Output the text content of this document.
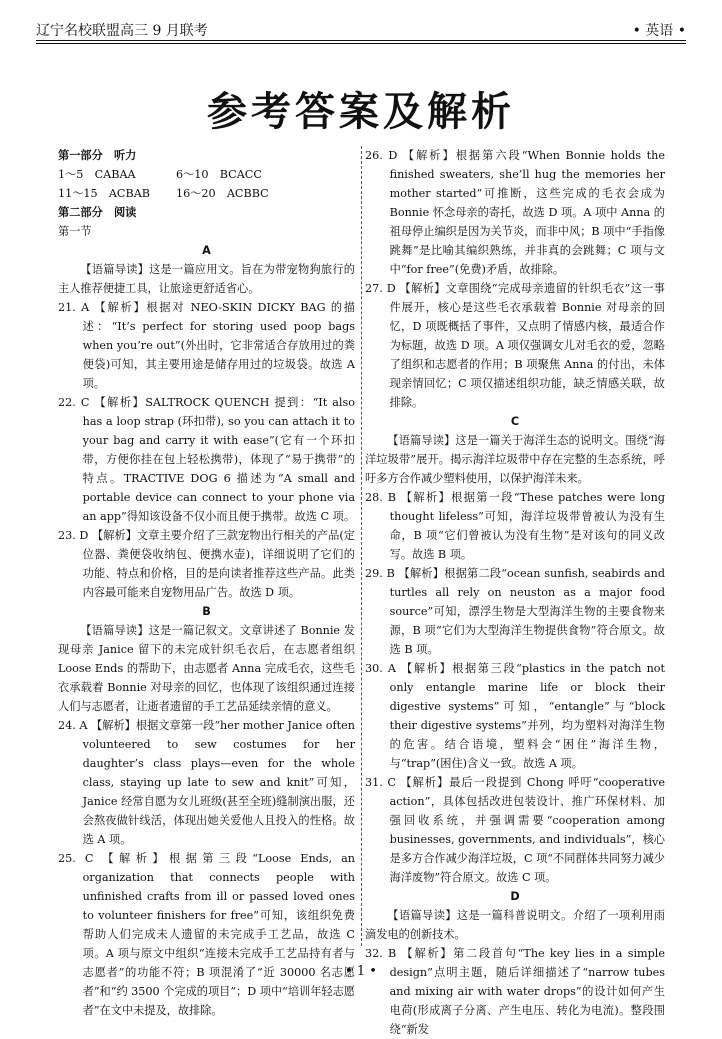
辽宁名校联盟高三 9 月联考	• 英语 •
参考答案及解析
第一部分　听力
1～5　CABAA	6～10　BCACC
11～15　ACBAB	16～20　ACBBC
第二部分　阅读
第一节
A
【语篇导读】这是一篇应用文。旨在为带宠物狗旅行的主人推荐便捷工具，让旅途更舒适省心。
21. A 【解析】根据对 NEO-SKIN DICKY BAG 的描述：“It’s perfect for storing used poop bags when you’re out”(外出时，它非常适合存放用过的粪便袋)可知，其主要用途是储存用过的垃圾袋。故选 A 项。
22. C 【解析】SALTROCK QUENCH 提到：“It also has a loop strap (环扣带), so you can attach it to your bag and carry it with ease”(它有一个环扣带，方便你挂在包上轻松携带)，体现了“易于携带”的特点。TRACTIVE DOG 6 描述为“A small and portable device can connect to your phone via an app”得知该设备不仅小而且便于携带。故选 C 项。
23. D 【解析】文章主要介绍了三款宠物出行相关的产品(定位器、粪便袋收纳包、便携水壶)，详细说明了它们的功能、特点和价格，目的是向读者推荐这些产品。此类内容最可能来自宠物用品广告。故选 D 项。
B
【语篇导读】这是一篇记叙文。文章讲述了 Bonnie 发现母亲 Janice 留下的未完成针织毛衣后，在志愿者组织 Loose Ends 的帮助下，由志愿者 Anna 完成毛衣，这些毛衣承载着 Bonnie 对母亲的回忆，也体现了该组织通过连接人们与志愿者，让逝者遗留的手工艺品延续亲情的意义。
24. A 【解析】根据文章第一段“her mother Janice often volunteered to sew costumes for her daughter’s class plays—even for the whole class, staying up late to sew and knit”可知，Janice 经常自愿为女儿班级(甚至全班)缝制演出服，还会熬夜做针线活，体现出她关爱他人且投入的性格。故选 A 项。
25. C 【解析】根据第三段“Loose Ends, an organization that connects people with unfinished crafts from ill or passed loved ones to volunteer finishers for free”可知，该组织免费帮助人们完成未人遗留的未完成手工艺品，故选 C 项。A 项与原文中组织“连接未完成手工艺品持有者与志愿者”的功能不符；B 项混淆了“近 30000 名志愿者”和“约 3500 个完成的项目”；D 项中“培训年轻志愿者”在文中未提及，故排除。
26. D 【解析】根据第六段“When Bonnie holds the finished sweaters, she’ll hug the memories her mother started”可推断，这些完成的毛衣会成为 Bonnie 怀念母亲的寄托，故选 D 项。A 项中 Anna 的祖母停止编织是因为关节炎，而非中风；B 项中“手指像跳舞”是比喻其编织熟练，并非真的会跳舞；C 项与文中“for free”(免费)矛盾，故排除。
27. D 【解析】文章围绕“完成母亲遗留的针织毛衣”这一事件展开，核心是这些毛衣承载着 Bonnie 对母亲的回忆，D 项既概括了事件，又点明了情感内核，最适合作为标题，故选 D 项。A 项仅强调女儿对毛衣的爱，忽略了组织和志愿者的作用；B 项聚焦 Anna 的付出，未体现亲情回忆；C 项仅描述组织功能，缺乏情感关联，故排除。
C
【语篇导读】这是一篇关于海洋生态的说明文。围绕“海洋垃圾带”展开。揭示海洋垃圾带中存在完整的生态系统，呼吁多方合作减少塑料使用，以保护海洋未来。
28. B 【解析】根据第一段“These patches were long thought lifeless”可知，海洋垃圾带曾被认为没有生命，B 项“它们曾被认为没有生物”是对该句的同义改写。故选 B 项。
29. B 【解析】根据第二段“ocean sunfish, seabirds and turtles all rely on neuston as a major food source”可知，漂浮生物是大型海洋生物的主要食物来源，B 项“它们为大型海洋生物提供食物”符合原文。故选 B 项。
30. A 【解析】根据第三段“plastics in the patch not only entangle marine life or block their digestive systems”可知，“entangle”与“block their digestive systems”并列，均为塑料对海洋生物的危害。结合语境，塑料会“困住”海洋生物，与“trap”(困住)含义一致。故选 A 项。
31. C 【解析】最后一段提到 Chong 呼吁“cooperative action”，具体包括改进包装设计、推广环保材料、加强回收系统，并强调需要“cooperation among businesses, governments, and individuals”，核心是多方合作减少海洋垃圾，C 项“不同群体共同努力减少海洋废物”符合原文。故选 C 项。
D
【语篇导读】这是一篇科普说明文。介绍了一项利用雨滴发电的创新技术。
32. B 【解析】第二段首句“The key lies in a simple design”点明主题，随后详细描述了“narrow tubes and mixing air with water drops”的设计如何产生电荷(形成离子分离、产生电压、转化为电流)。整段围绕“新发
• 1 •
